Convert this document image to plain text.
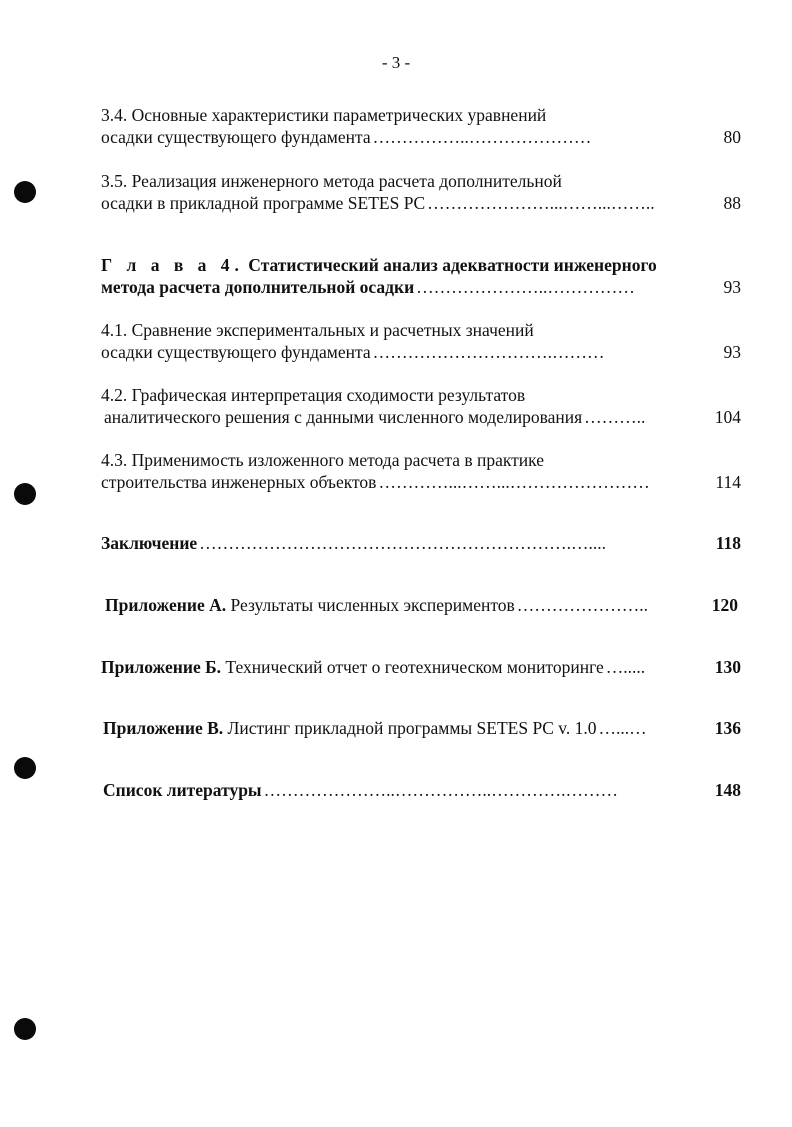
- 3 -
3.4. Основные характеристики параметрических уравнений
осадки существующего фундамента ……………..…………………	80
3.5. Реализация инженерного метода расчета дополнительной
осадки в прикладной программе SETES PC …………………...……...……..	88
Г л а в а 4. Статистический анализ адекватности инженерного
метода расчета дополнительной осадки …………………..……………	93
4.1. Сравнение экспериментальных и расчетных значений
осадки существующего фундамента ………………………….………	93
4.2. Графическая интерпретация сходимости результатов
аналитического решения с данными численного моделирования ………..	104
4.3. Применимость изложенного метода расчета в практике
строительства инженерных объектов …………...……...……………………	114
Заключение ……………………………………………………….…....	118
Приложение А. Результаты численных экспериментов …………………..	120
Приложение Б. Технический отчет о геотехническом мониторинге ….....	130
Приложение В. Листинг прикладной программы SETES PC v. 1.0 …...…	136
Список литературы …………………..……………..………….………	148
